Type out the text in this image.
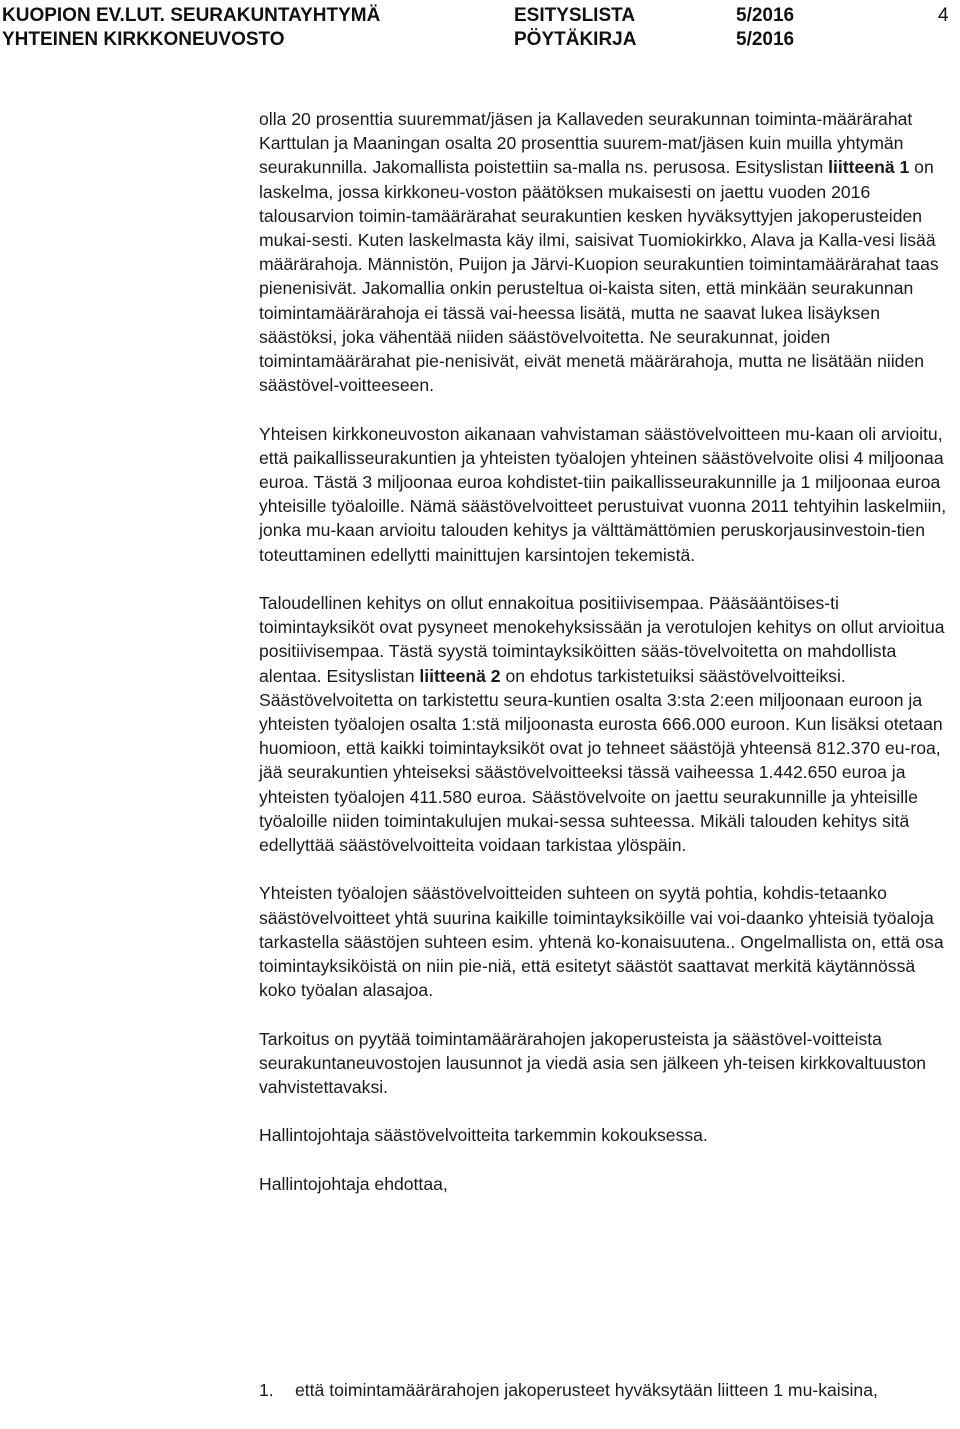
KUOPION EV.LUT. SEURAKUNTAYHTYMÄ
YHTEINEN KIRKKONEUVOSTO
ESITYSLISTA
PÖYTÄKIRJA
5/2016
5/2016
4

olla 20 prosenttia suuremmat/jäsen ja Kallaveden seurakunnan toiminta-määrärahat Karttulan ja Maaningan osalta 20 prosenttia suurem-mat/jäsen kuin muilla yhtymän seurakunnilla. Jakomallista poistettiin sa-malla ns. perusosa. Esityslistan liitteenä 1 on laskelma, jossa kirkkoneu-voston päätöksen mukaisesti on jaettu vuoden 2016 talousarvion toimin-tamäärärahat seurakuntien kesken hyväksyttyjen jakoperusteiden mukai-sesti. Kuten laskelmasta käy ilmi, saisivat Tuomiokirkko, Alava ja Kalla-vesi lisää määrärahoja. Männistön, Puijon ja Järvi-Kuopion seurakuntien toimintamäärärahat taas pienenisivät. Jakomallia onkin perusteltua oi-kaista siten, että minkään seurakunnan toimintamäärärahoja ei tässä vai-heessa lisätä, mutta ne saavat lukea lisäyksen säästöksi, joka vähentää niiden säästövelvoitetta. Ne seurakunnat, joiden toimintamäärärahat pie-nenisivät, eivät menetä määrärahoja, mutta ne lisätään niiden säästövel-voitteeseen.

Yhteisen kirkkoneuvoston aikanaan vahvistaman säästövelvoitteen mu-kaan oli arvioitu, että paikallisseurakuntien ja yhteisten työalojen yhteinen säästövelvoite olisi 4 miljoonaa euroa. Tästä 3 miljoonaa euroa kohdistet-tiin paikallisseurakunnille ja 1 miljoonaa euroa yhteisille työaloille. Nämä säästövelvoitteet perustuivat vuonna 2011 tehtyihin laskelmiin, jonka mu-kaan arvioitu talouden kehitys ja välttämättömien peruskorjausinvestoin-tien toteuttaminen edellytti mainittujen karsintojen tekemistä.

Taloudellinen kehitys on ollut ennakoitua positiivisempaa. Pääsääntöises-ti toimintayksiköt ovat pysyneet menokehyksissään ja verotulojen kehitys on ollut arvioitua positiivisempaa. Tästä syystä toimintayksiköitten sääs-tövelvoitetta on mahdollista alentaa. Esityslistan liitteenä 2 on ehdotus tarkistetuiksi säästövelvoitteiksi. Säästövelvoitetta on tarkistettu seura-kuntien osalta 3:sta 2:een miljoonaan euroon ja yhteisten työalojen osalta 1:stä miljoonasta eurosta 666.000 euroon. Kun lisäksi otetaan huomioon, että kaikki toimintayksiköt ovat jo tehneet säästöjä yhteensä 812.370 eu-roa, jää seurakuntien yhteiseksi säästövelvoitteeksi tässä vaiheessa 1.442.650 euroa ja yhteisten työalojen 411.580 euroa. Säästövelvoite on jaettu seurakunnille ja yhteisille työaloille niiden toimintakulujen mukai-sessa suhteessa. Mikäli talouden kehitys sitä edellyttää säästövelvoitteita voidaan tarkistaa ylöspäin.

Yhteisten työalojen säästövelvoitteiden suhteen on syytä pohtia, kohdis-tetaanko säästövelvoitteet yhtä suurina kaikille toimintayksiköille vai voi-daanko yhteisiä työaloja tarkastella säästöjen suhteen esim. yhtenä ko-konaisuutena.. Ongelmallista on, että osa toimintayksiköistä on niin pie-niä, että esitetyt säästöt saattavat merkitä käytännössä koko työalan alasajoa.

Tarkoitus on pyytää toimintamäärärahojen jakoperusteista ja säästövel-voitteista seurakuntaneuvostojen lausunnot ja viedä asia sen jälkeen yh-teisen kirkkovaltuuston vahvistettavaksi.

Hallintojohtaja säästövelvoitteita tarkemmin kokouksessa.

Hallintojohtaja ehdottaa,

1. että toimintamäärärahojen jakoperusteet hyväksytään liitteen 1 mu-kaisina,
